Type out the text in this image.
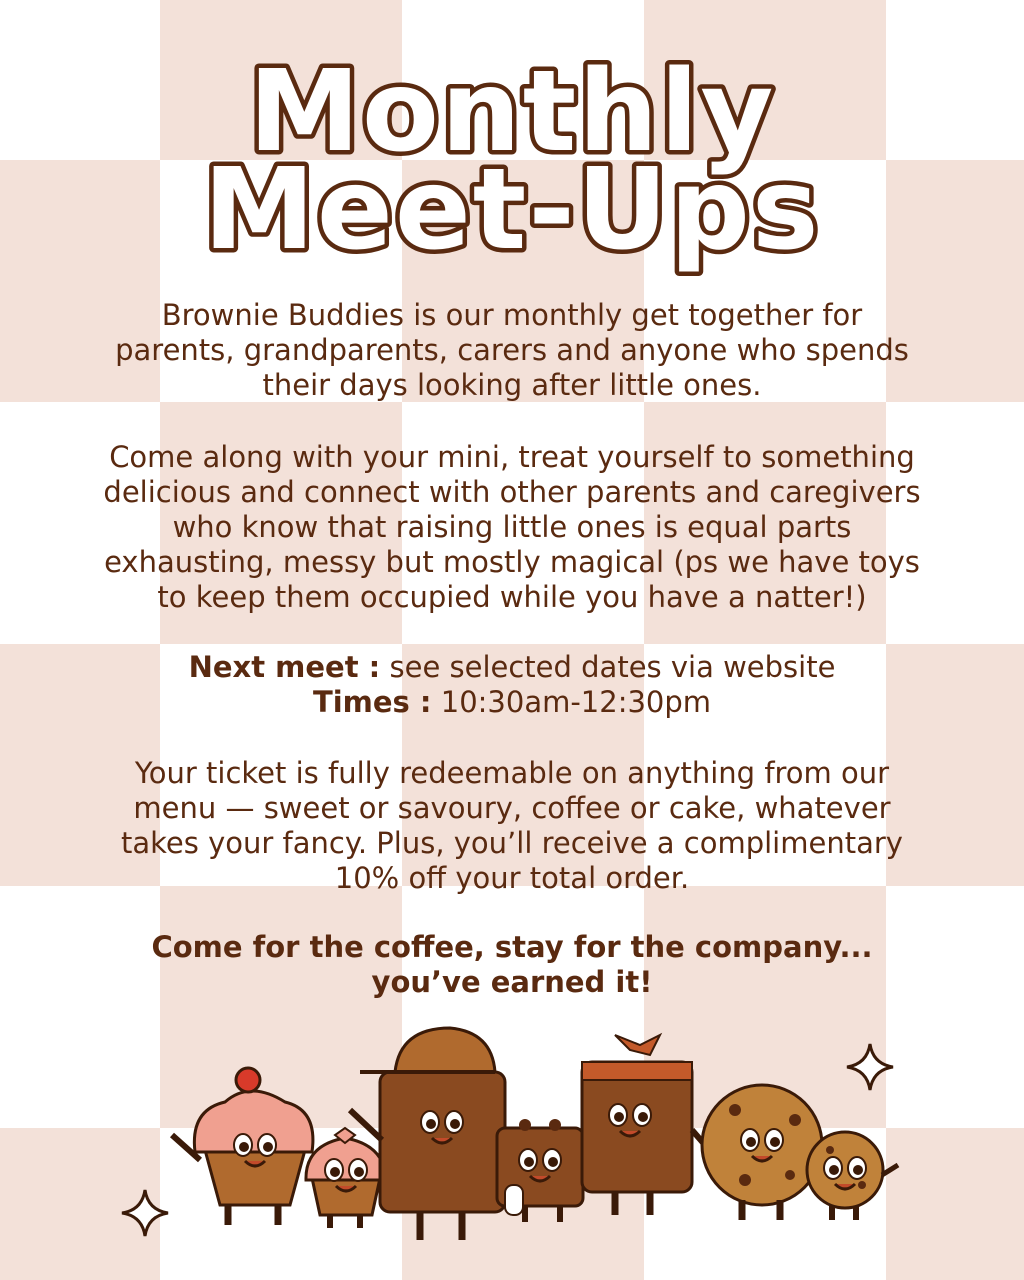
Monthly
Meet-Ups

Brownie Buddies is our monthly get together for
parents, grandparents, carers and anyone who spends
their days looking after little ones.

Come along with your mini, treat yourself to something
delicious and connect with other parents and caregivers
who know that raising little ones is equal parts
exhausting, messy but mostly magical (ps we have toys
to keep them occupied while you have a natter!)

Next meet : see selected dates via website
Times : 10:30am-12:30pm

Your ticket is fully redeemable on anything from our
menu — sweet or savoury, coffee or cake, whatever
takes your fancy. Plus, you’ll receive a complimentary
10% off your total order.

Come for the coffee, stay for the company...
you’ve earned it!
